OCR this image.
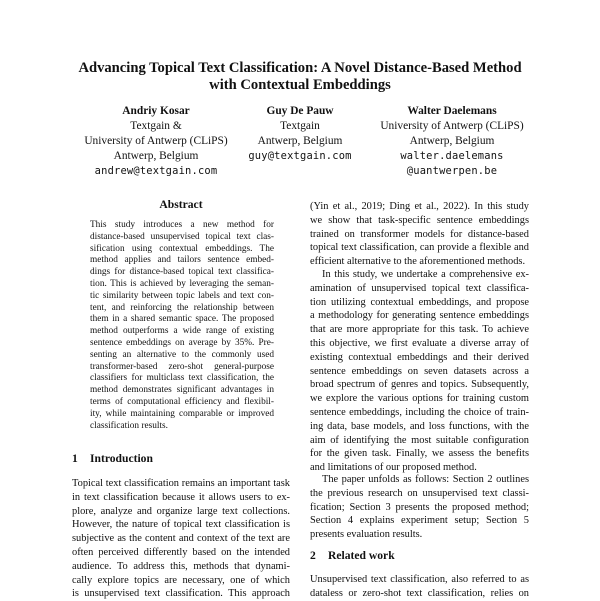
Advancing Topical Text Classification: A Novel Distance-Based Method
with Contextual Embeddings
Andriy Kosar
Textgain &
University of Antwerp (CLiPS)
Antwerp, Belgium
andrew@textgain.com
Guy De Pauw
Textgain
Antwerp, Belgium
guy@textgain.com
Walter Daelemans
University of Antwerp (CLiPS)
Antwerp, Belgium
walter.daelemans
@uantwerpen.be
Abstract
This study introduces a new method for
distance-based unsupervised topical text clas-
sification using contextual embeddings. The
method applies and tailors sentence embed-
dings for distance-based topical text classifica-
tion. This is achieved by leveraging the seman-
tic similarity between topic labels and text con-
tent, and reinforcing the relationship between
them in a shared semantic space. The proposed
method outperforms a wide range of existing
sentence embeddings on average by 35%. Pre-
senting an alternative to the commonly used
transformer-based zero-shot general-purpose
classifiers for multiclass text classification, the
method demonstrates significant advantages in
terms of computational efficiency and flexibil-
ity, while maintaining comparable or improved
classification results.
1 Introduction
Topical text classification remains an important task
in text classification because it allows users to ex-
plore, analyze and organize large text collections.
However, the nature of topical text classification is
subjective as the content and context of the text are
often perceived differently based on the intended
audience. To address this, methods that dynami-
cally explore topics are necessary, one of which
is unsupervised text classification. This approach
(Yin et al., 2019; Ding et al., 2022). In this study
we show that task-specific sentence embeddings
trained on transformer models for distance-based
topical text classification, can provide a flexible and
efficient alternative to the aforementioned methods.
In this study, we undertake a comprehensive ex-
amination of unsupervised topical text classifica-
tion utilizing contextual embeddings, and propose
a methodology for generating sentence embeddings
that are more appropriate for this task. To achieve
this objective, we first evaluate a diverse array of
existing contextual embeddings and their derived
sentence embeddings on seven datasets across a
broad spectrum of genres and topics. Subsequently,
we explore the various options for training custom
sentence embeddings, including the choice of train-
ing data, base models, and loss functions, with the
aim of identifying the most suitable configuration
for the given task. Finally, we assess the benefits
and limitations of our proposed method.
The paper unfolds as follows: Section 2 outlines
the previous research on unsupervised text classi-
fication; Section 3 presents the proposed method;
Section 4 explains experiment setup; Section 5
presents evaluation results.
2 Related work
Unsupervised text classification, also referred to as
dataless or zero-shot text classification, relies on
